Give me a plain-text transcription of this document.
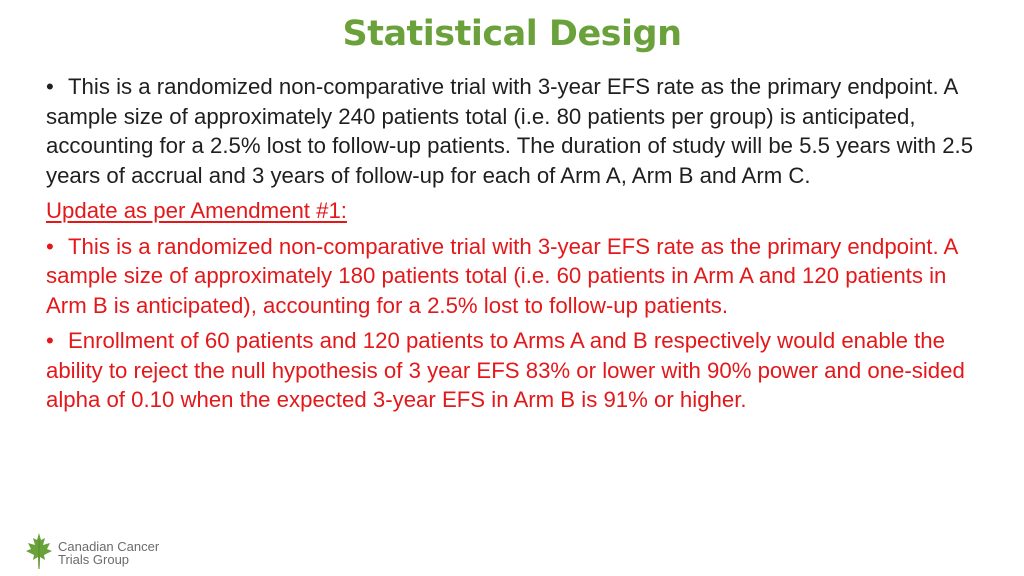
Statistical Design

• This is a randomized non-comparative trial with 3-year EFS rate as the primary endpoint. A sample size of approximately 240 patients total (i.e. 80 patients per group) is anticipated, accounting for a 2.5% lost to follow-up patients. The duration of study will be 5.5 years with 2.5 years of accrual and 3 years of follow-up for each of Arm A, Arm B and Arm C.

Update as per Amendment #1:

• This is a randomized non-comparative trial with 3-year EFS rate as the primary endpoint. A sample size of approximately 180 patients total (i.e. 60 patients in Arm A and 120 patients in Arm B is anticipated), accounting for a 2.5% lost to follow-up patients.

• Enrollment of 60 patients and 120 patients to Arms A and B respectively would enable the ability to reject the null hypothesis of 3 year EFS 83% or lower with 90% power and one-sided alpha of 0.10 when the expected 3-year EFS in Arm B is 91% or higher.

Canadian Cancer
Trials Group
